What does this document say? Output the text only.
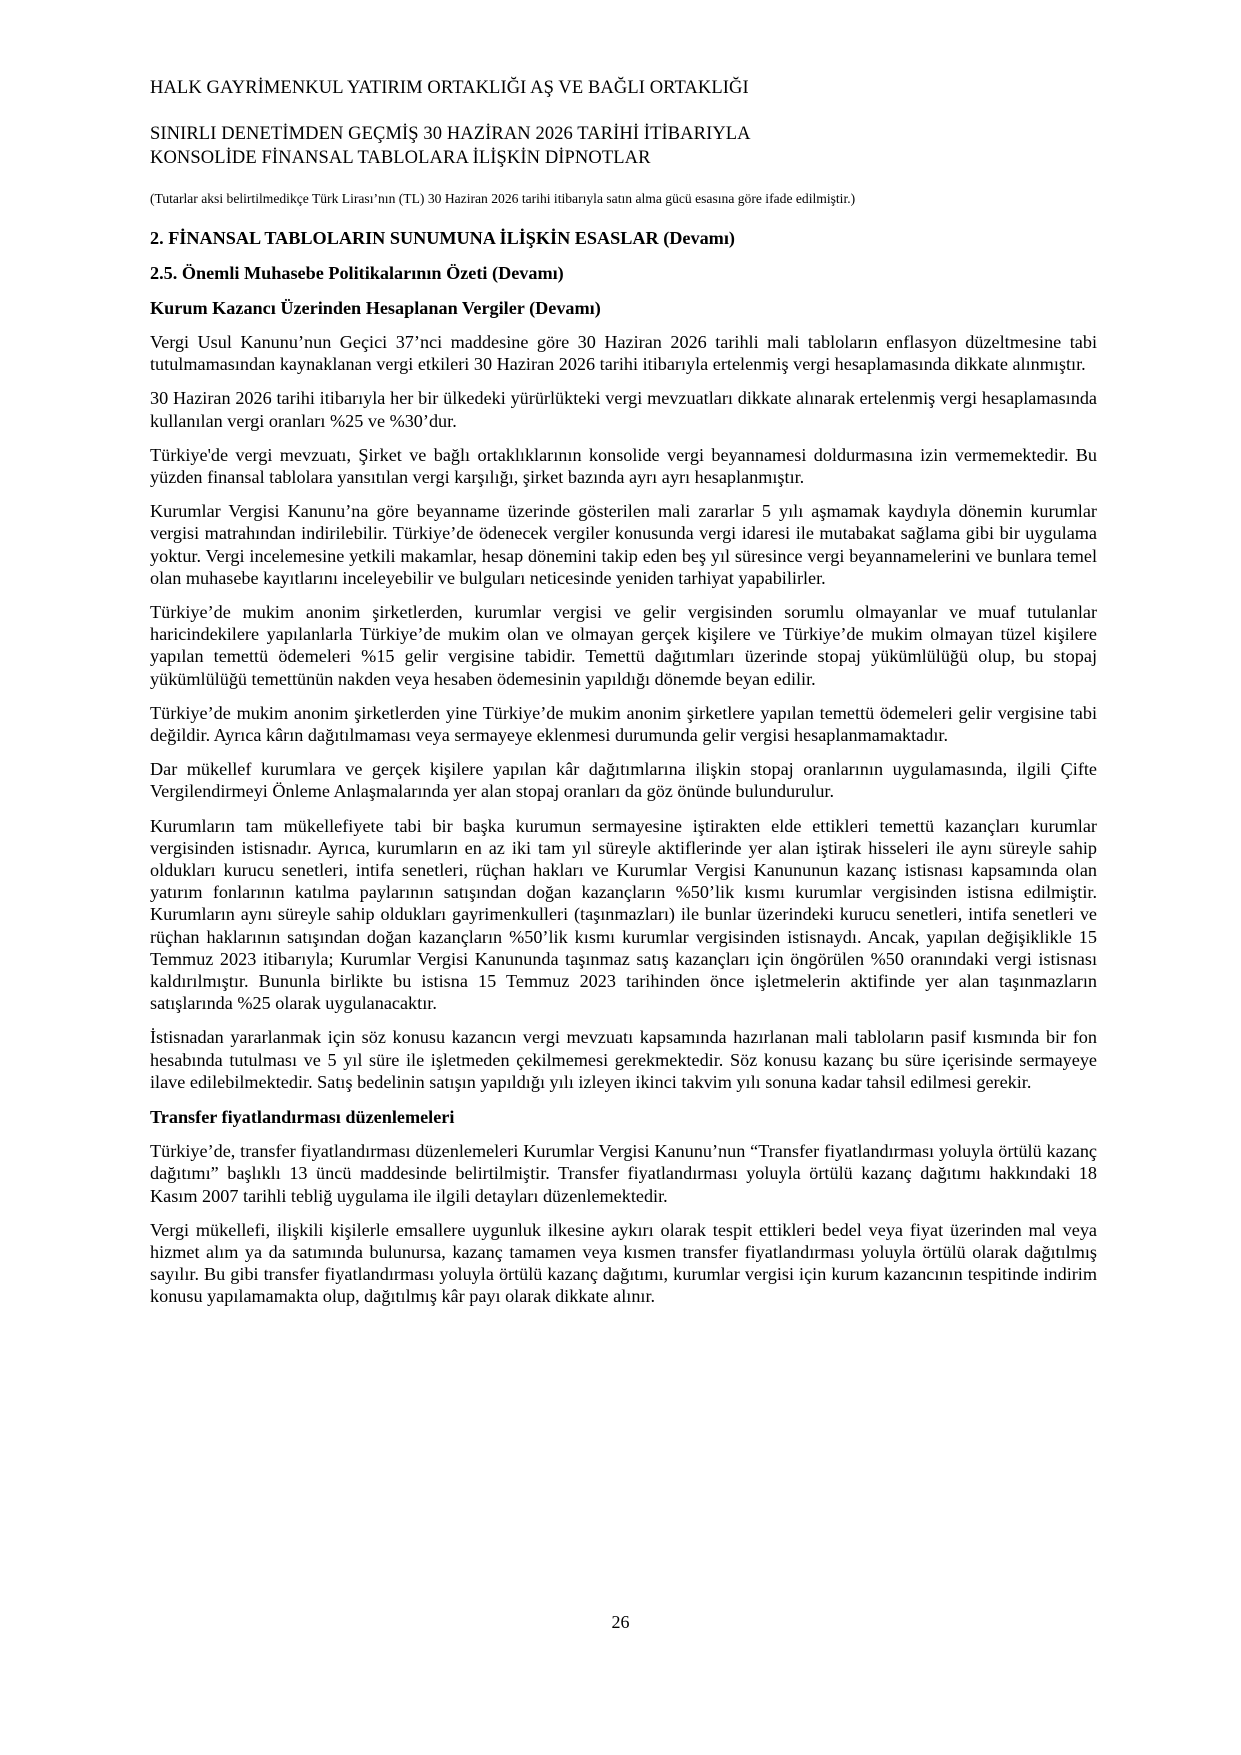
HALK GAYRİMENKUL YATIRIM ORTAKLIĞI AŞ VE BAĞLI ORTAKLIĞI

SINIRLI DENETİMDEN GEÇMİŞ 30 HAZİRAN 2026 TARİHİ İTİBARIYLA

KONSOLİDE FİNANSAL TABLOLARA İLİŞKİN DİPNOTLAR

(Tutarlar aksi belirtilmedikçe Türk Lirası’nın (TL) 30 Haziran 2026 tarihi itibarıyla satın alma gücü esasına göre ifade edilmiştir.)

2. FİNANSAL TABLOLARIN SUNUMUNA İLİŞKİN ESASLAR (Devamı)

2.5. Önemli Muhasebe Politikalarının Özeti (Devamı)

Kurum Kazancı Üzerinden Hesaplanan Vergiler (Devamı)

Vergi Usul Kanunu’nun Geçici 37’nci maddesine göre 30 Haziran 2026 tarihli mali tabloların enflasyon düzeltmesine tabi tutulmamasından kaynaklanan vergi etkileri 30 Haziran 2026 tarihi itibarıyla ertelenmiş vergi hesaplamasında dikkate alınmıştır.

30 Haziran 2026 tarihi itibarıyla her bir ülkedeki yürürlükteki vergi mevzuatları dikkate alınarak ertelenmiş vergi hesaplamasında kullanılan vergi oranları %25 ve %30’dur.

Türkiye'de vergi mevzuatı, Şirket ve bağlı ortaklıklarının konsolide vergi beyannamesi doldurmasına izin vermemektedir. Bu yüzden finansal tablolara yansıtılan vergi karşılığı, şirket bazında ayrı ayrı hesaplanmıştır.

Kurumlar Vergisi Kanunu’na göre beyanname üzerinde gösterilen mali zararlar 5 yılı aşmamak kaydıyla dönemin kurumlar vergisi matrahından indirilebilir. Türkiye’de ödenecek vergiler konusunda vergi idaresi ile mutabakat sağlama gibi bir uygulama yoktur. Vergi incelemesine yetkili makamlar, hesap dönemini takip eden beş yıl süresince vergi beyannamelerini ve bunlara temel olan muhasebe kayıtlarını inceleyebilir ve bulguları neticesinde yeniden tarhiyat yapabilirler.

Türkiye’de mukim anonim şirketlerden, kurumlar vergisi ve gelir vergisinden sorumlu olmayanlar ve muaf tutulanlar haricindekilere yapılanlarla Türkiye’de mukim olan ve olmayan gerçek kişilere ve Türkiye’de mukim olmayan tüzel kişilere yapılan temettü ödemeleri %15 gelir vergisine tabidir. Temettü dağıtımları üzerinde stopaj yükümlülüğü olup, bu stopaj yükümlülüğü temettünün nakden veya hesaben ödemesinin yapıldığı dönemde beyan edilir.

Türkiye’de mukim anonim şirketlerden yine Türkiye’de mukim anonim şirketlere yapılan temettü ödemeleri gelir vergisine tabi değildir. Ayrıca kârın dağıtılmaması veya sermayeye eklenmesi durumunda gelir vergisi hesaplanmamaktadır.

Dar mükellef kurumlara ve gerçek kişilere yapılan kâr dağıtımlarına ilişkin stopaj oranlarının uygulamasında, ilgili Çifte Vergilendirmeyi Önleme Anlaşmalarında yer alan stopaj oranları da göz önünde bulundurulur.

Kurumların tam mükellefiyete tabi bir başka kurumun sermayesine iştirakten elde ettikleri temettü kazançları kurumlar vergisinden istisnadır. Ayrıca, kurumların en az iki tam yıl süreyle aktiflerinde yer alan iştirak hisseleri ile aynı süreyle sahip oldukları kurucu senetleri, intifa senetleri, rüçhan hakları ve Kurumlar Vergisi Kanununun kazanç istisnası kapsamında olan yatırım fonlarının katılma paylarının satışından doğan kazançların %50’lik kısmı kurumlar vergisinden istisna edilmiştir. Kurumların aynı süreyle sahip oldukları gayrimenkulleri (taşınmazları) ile bunlar üzerindeki kurucu senetleri, intifa senetleri ve rüçhan haklarının satışından doğan kazançların %50’lik kısmı kurumlar vergisinden istisnaydı. Ancak, yapılan değişiklikle 15 Temmuz 2023 itibarıyla; Kurumlar Vergisi Kanununda taşınmaz satış kazançları için öngörülen %50 oranındaki vergi istisnası kaldırılmıştır. Bununla birlikte bu istisna 15 Temmuz 2023 tarihinden önce işletmelerin aktifinde yer alan taşınmazların satışlarında %25 olarak uygulanacaktır.

İstisnadan yararlanmak için söz konusu kazancın vergi mevzuatı kapsamında hazırlanan mali tabloların pasif kısmında bir fon hesabında tutulması ve 5 yıl süre ile işletmeden çekilmemesi gerekmektedir. Söz konusu kazanç bu süre içerisinde sermayeye ilave edilebilmektedir. Satış bedelinin satışın yapıldığı yılı izleyen ikinci takvim yılı sonuna kadar tahsil edilmesi gerekir.

Transfer fiyatlandırması düzenlemeleri

Türkiye’de, transfer fiyatlandırması düzenlemeleri Kurumlar Vergisi Kanunu’nun “Transfer fiyatlandırması yoluyla örtülü kazanç dağıtımı” başlıklı 13 üncü maddesinde belirtilmiştir. Transfer fiyatlandırması yoluyla örtülü kazanç dağıtımı hakkındaki 18 Kasım 2007 tarihli tebliğ uygulama ile ilgili detayları düzenlemektedir.

Vergi mükellefi, ilişkili kişilerle emsallere uygunluk ilkesine aykırı olarak tespit ettikleri bedel veya fiyat üzerinden mal veya hizmet alım ya da satımında bulunursa, kazanç tamamen veya kısmen transfer fiyatlandırması yoluyla örtülü olarak dağıtılmış sayılır. Bu gibi transfer fiyatlandırması yoluyla örtülü kazanç dağıtımı, kurumlar vergisi için kurum kazancının tespitinde indirim konusu yapılamamakta olup, dağıtılmış kâr payı olarak dikkate alınır.

26
